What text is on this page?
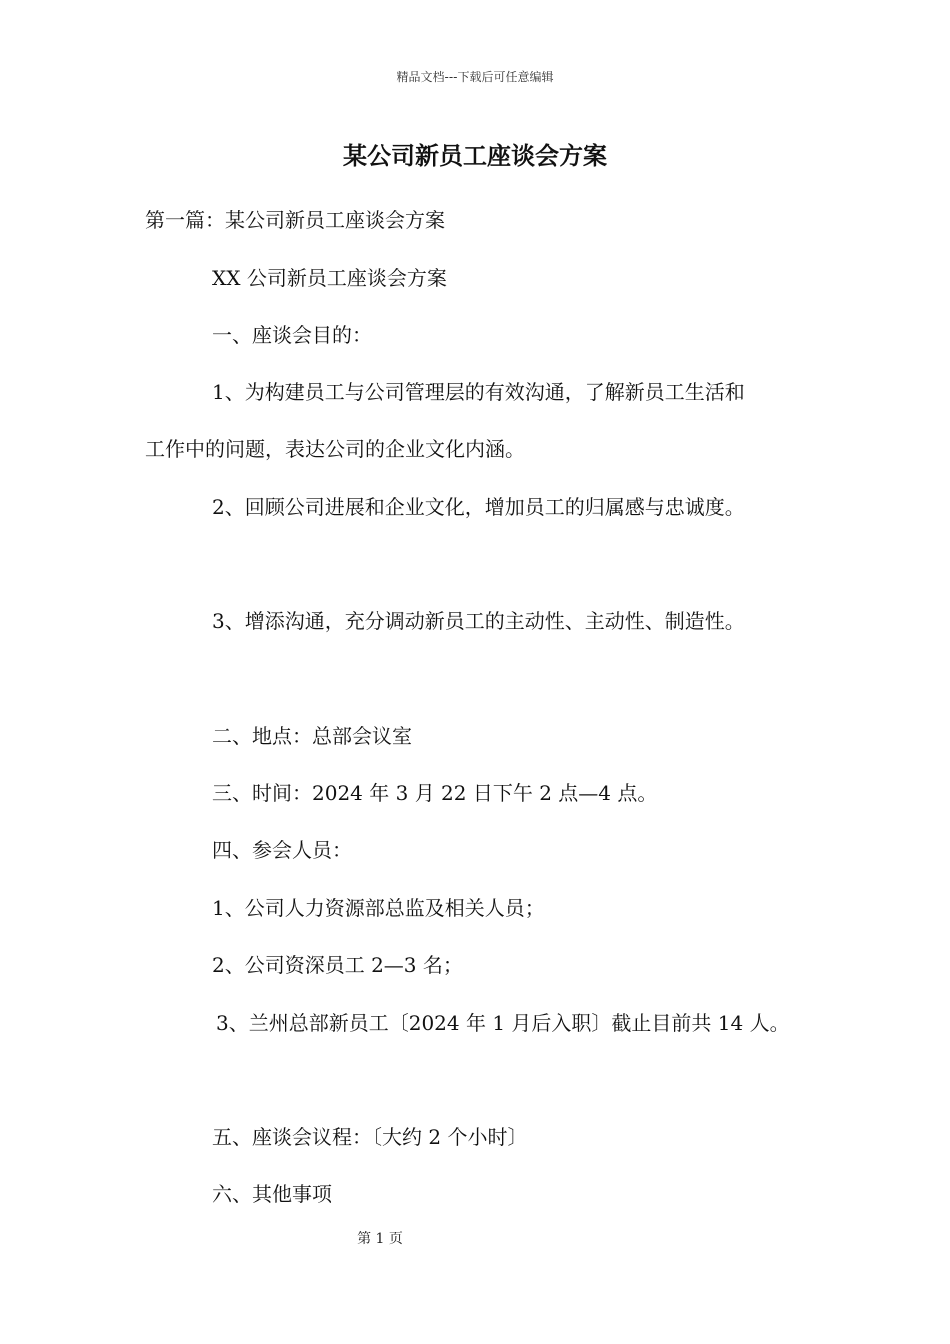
精品文档---下载后可任意编辑
某公司新员工座谈会方案
第一篇：某公司新员工座谈会方案
XX 公司新员工座谈会方案
一、座谈会目的：
1、为构建员工与公司管理层的有效沟通，了解新员工生活和
工作中的问题，表达公司的企业文化内涵。
2、回顾公司进展和企业文化，增加员工的归属感与忠诚度。
3、增添沟通，充分调动新员工的主动性、主动性、制造性。
二、地点：总部会议室
三、时间：2024 年 3 月 22 日下午 2 点—4 点。
四、参会人员：
1、公司人力资源部总监及相关人员；
2、公司资深员工 2—3 名；
3、兰州总部新员工〔2024 年 1 月后入职〕截止目前共 14 人。
五、座谈会议程：〔大约 2 个小时〕
六、其他事项
第 1 页
